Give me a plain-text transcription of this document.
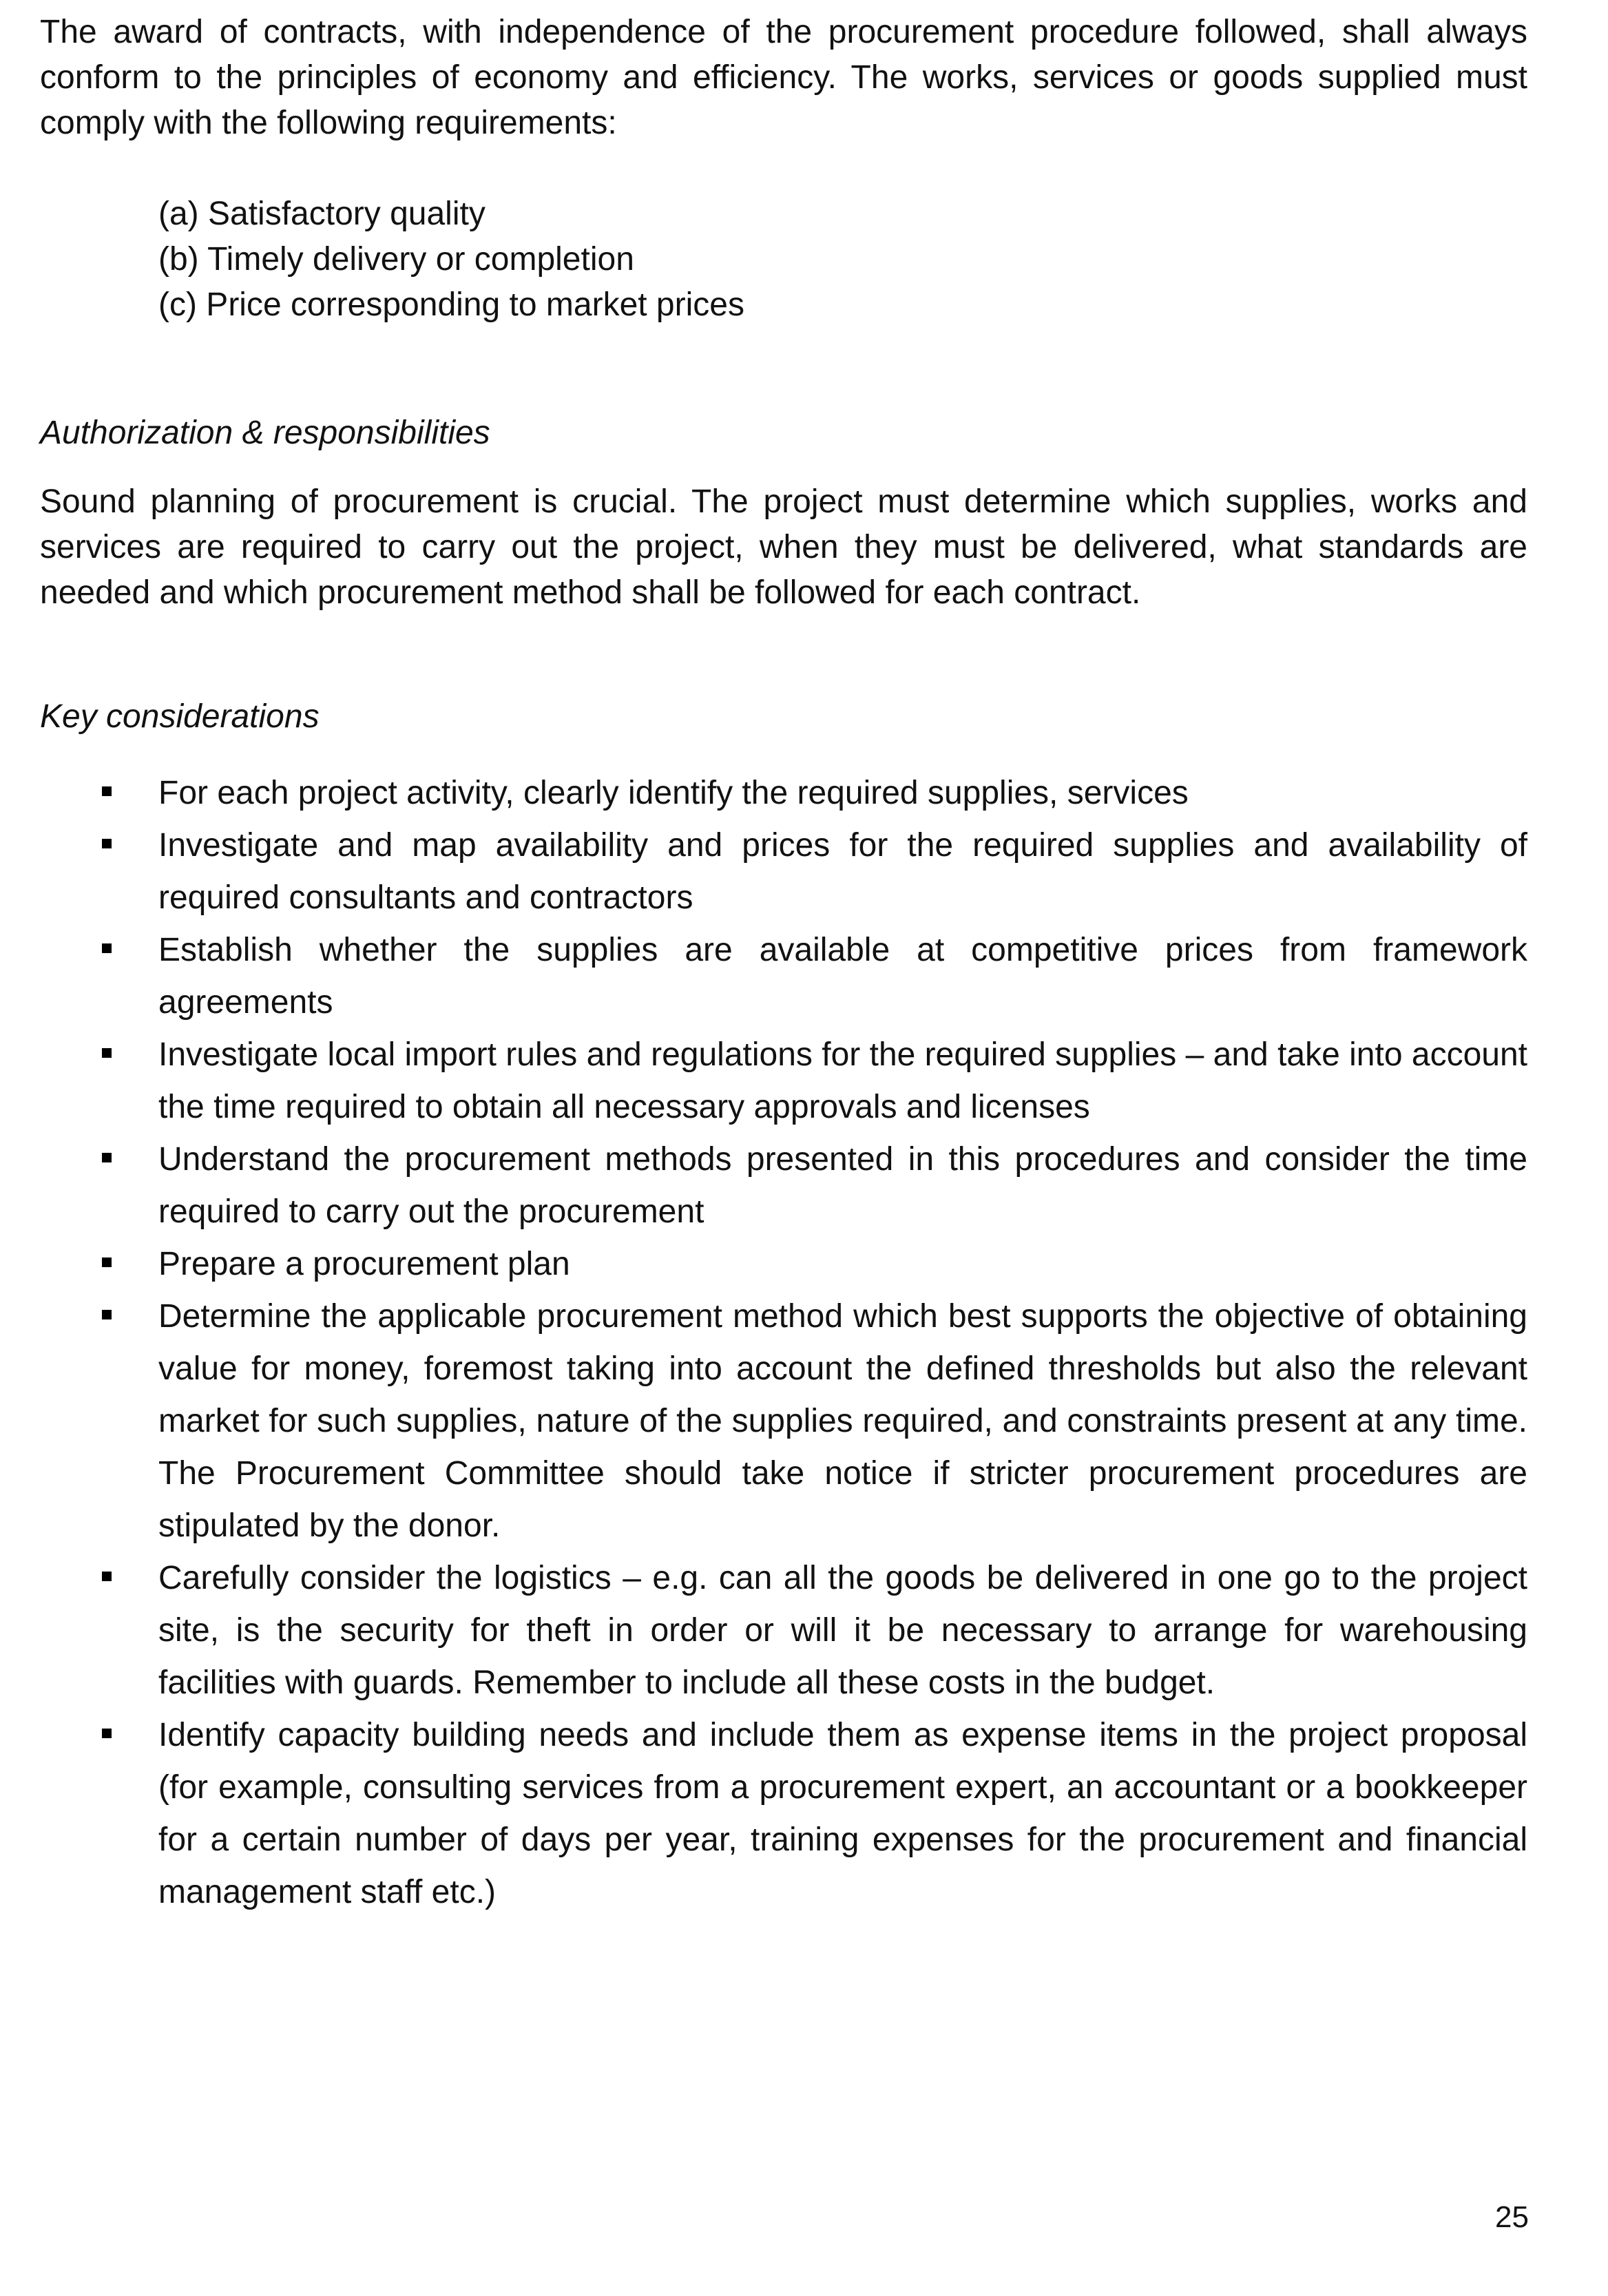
The award of contracts, with independence of the procurement procedure followed, shall always conform to the principles of economy and efficiency. The works, services or goods supplied must comply with the following requirements:

(a) Satisfactory quality
(b) Timely delivery or completion
(c) Price corresponding to market prices

Authorization & responsibilities

Sound planning of procurement is crucial. The project must determine which supplies, works and services are required to carry out the project, when they must be delivered, what standards are needed and which procurement method shall be followed for each contract.

Key considerations

For each project activity, clearly identify the required supplies, services
Investigate and map availability and prices for the required supplies and availability of required consultants and contractors
Establish whether the supplies are available at competitive prices from framework agreements
Investigate local import rules and regulations for the required supplies – and take into account the time required to obtain all necessary approvals and licenses
Understand the procurement methods presented in this procedures and consider the time required to carry out the procurement
Prepare a procurement plan
Determine the applicable procurement method which best supports the objective of obtaining value for money, foremost taking into account the defined thresholds but also the relevant market for such supplies, nature of the supplies required, and constraints present at any time. The Procurement Committee should take notice if stricter procurement procedures are stipulated by the donor.
Carefully consider the logistics – e.g. can all the goods be delivered in one go to the project site, is the security for theft in order or will it be necessary to arrange for warehousing facilities with guards. Remember to include all these costs in the budget.
Identify capacity building needs and include them as expense items in the project proposal (for example, consulting services from a procurement expert, an accountant or a bookkeeper for a certain number of days per year, training expenses for the procurement and financial management staff etc.)
25
